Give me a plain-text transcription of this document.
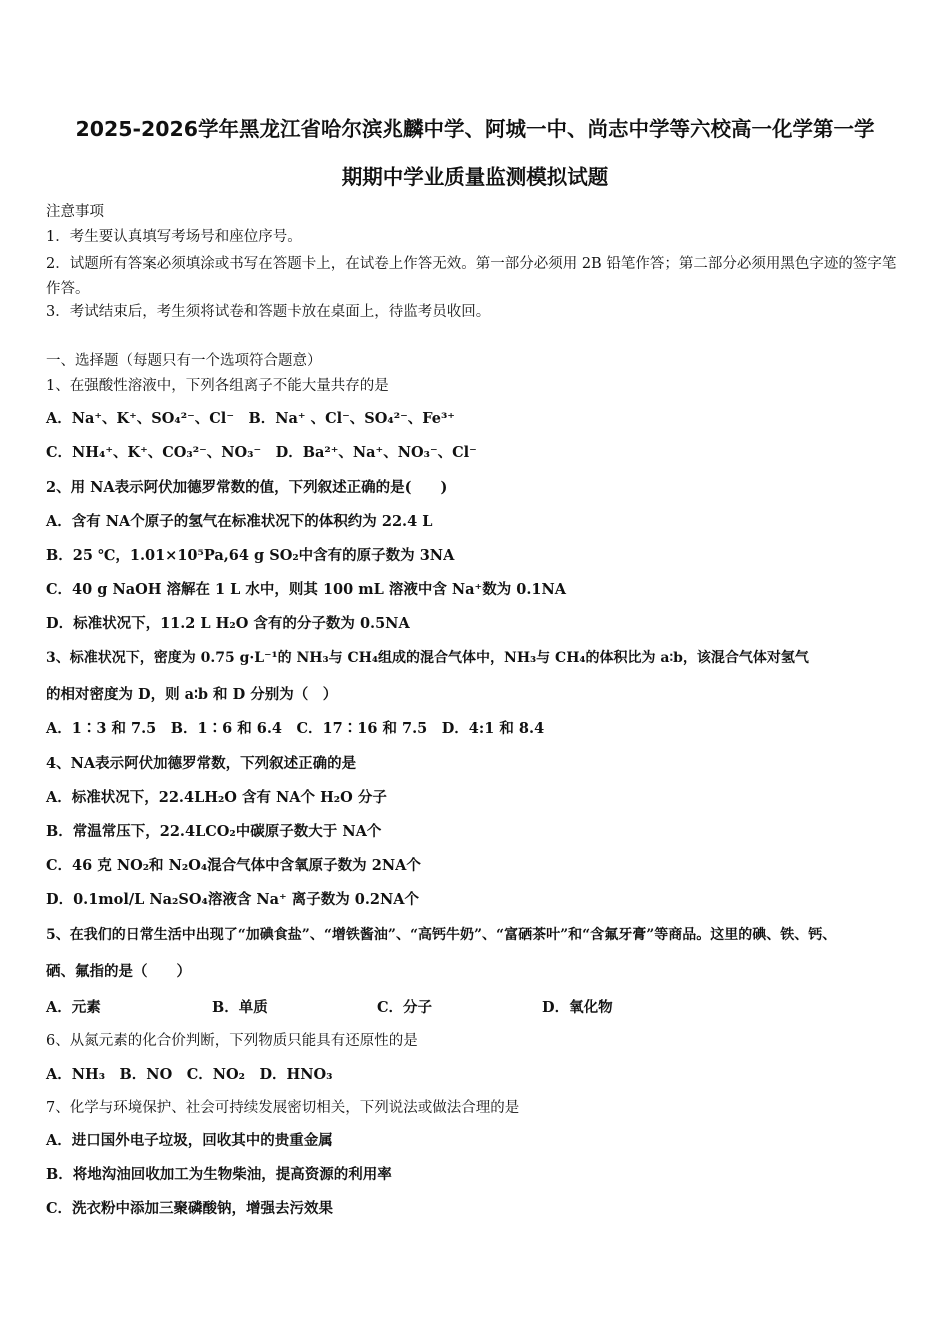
2025-2026学年黑龙江省哈尔滨兆麟中学、阿城一中、尚志中学等六校高一化学第一学
期期中学业质量监测模拟试题
注意事项
1．考生要认真填写考场号和座位序号。
2．试题所有答案必须填涂或书写在答题卡上，在试卷上作答无效。第一部分必须用 2B 铅笔作答；第二部分必须用黑色字迹的签字笔作答。
3．考试结束后，考生须将试卷和答题卡放在桌面上，待监考员收回。
一、选择题（每题只有一个选项符合题意）
1、在强酸性溶液中，下列各组离子不能大量共存的是
A．Na⁺、K⁺、SO₄²⁻、Cl⁻　B．Na⁺ 、Cl⁻、SO₄²⁻、Fe³⁺
C．NH₄⁺、K⁺、CO₃²⁻、NO₃⁻　D．Ba²⁺、Na⁺、NO₃⁻、Cl⁻
2、用 NA表示阿伏加德罗常数的值，下列叙述正确的是(　　)
A．含有 NA个原子的氢气在标准状况下的体积约为 22.4 L
B．25 ℃，1.01×10⁵Pa,64 g SO₂中含有的原子数为 3NA
C．40 g NaOH 溶解在 1 L 水中，则其 100 mL 溶液中含 Na⁺数为 0.1NA
D．标准状况下，11.2 L H₂O 含有的分子数为 0.5NA
3、标准状况下，密度为 0.75 g·L⁻¹的 NH₃与 CH₄组成的混合气体中，NH₃与 CH₄的体积比为 a∶b，该混合气体对氢气
的相对密度为 D，则 a∶b 和 D 分别为（　）
A．1∶3 和 7.5　B．1∶6 和 6.4　C．17∶16 和 7.5　D．4:1 和 8.4
4、NA表示阿伏加德罗常数，下列叙述正确的是
A．标准状况下，22.4LH₂O 含有 NA个 H₂O 分子
B．常温常压下，22.4LCO₂中碳原子数大于 NA个
C．46 克 NO₂和 N₂O₄混合气体中含氧原子数为 2NA个
D．0.1mol/L Na₂SO₄溶液含 Na⁺ 离子数为 0.2NA个
5、在我们的日常生活中出现了“加碘食盐”、“增铁酱油”、“高钙牛奶”、“富硒茶叶”和“含氟牙膏”等商品。这里的碘、铁、钙、
硒、氟指的是（　　）
A．元素	B．单质	C．分子	D．氧化物
6、从氮元素的化合价判断，下列物质只能具有还原性的是
A．NH₃　B．NO　C．NO₂　D．HNO₃
7、化学与环境保护、社会可持续发展密切相关，下列说法或做法合理的是
A．进口国外电子垃圾，回收其中的贵重金属
B．将地沟油回收加工为生物柴油，提高资源的利用率
C．洗衣粉中添加三聚磷酸钠，增强去污效果
